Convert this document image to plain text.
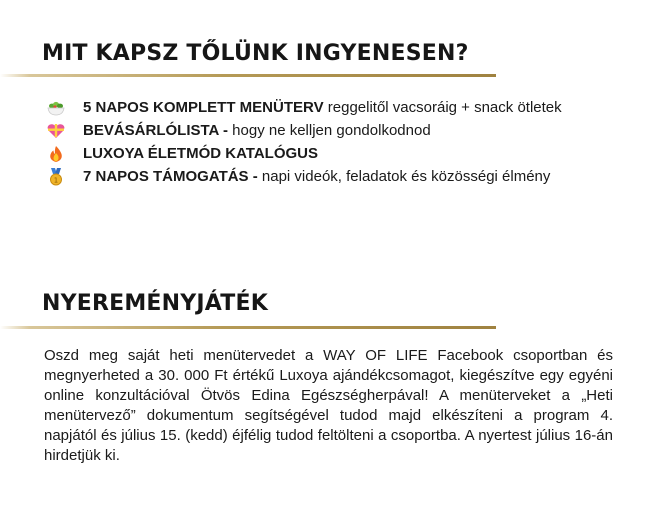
MIT KAPSZ TŐLÜNK INGYENESEN?
5 NAPOS KOMPLETT MENÜTERV reggelitől vacsoráig + snack ötletek
BEVÁSÁRLÓLISTA - hogy ne kelljen gondolkodnod
LUXOYA ÉLETMÓD KATALÓGUS
1 7 NAPOS TÁMOGATÁS - napi videók, feladatok és közösségi élmény
NYEREMÉNYJÁTÉK

Oszd meg saját heti menütervedet a WAY OF LIFE Facebook csoportban és megnyerheted a 30. 000 Ft értékű Luxoya ajándékcsomagot, kiegészítve egy egyéni online konzultációval Ötvös Edina Egészségherpával! A menüterveket a „Heti menütervező” dokumentum segítségével tudod majd elkészíteni a program 4. napjától és július 15. (kedd) éjfélig tudod feltölteni a csoportba. A nyertest július 16-án hirdetjük ki.
